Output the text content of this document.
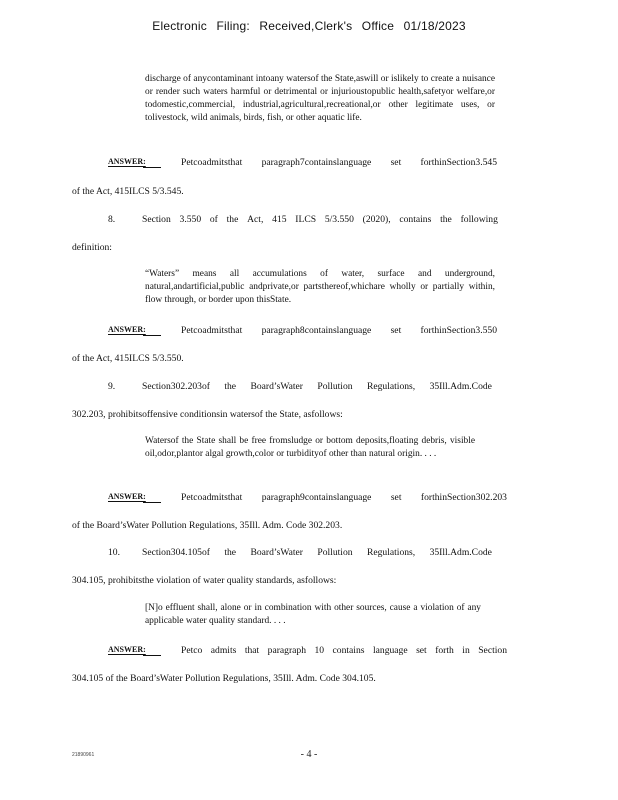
Electronic Filing: Received,Clerk's Office 01/18/2023
discharge of anycontaminant intoany watersof the State,aswill or islikely to create a nuisance or render such waters harmful or detrimental or injurioustopublic health,safetyor welfare,or todomestic,commercial, industrial,agricultural,recreational,or other legitimate uses, or tolivestock, wild animals, birds, fish, or other aquatic life.
ANSWER:	Petcoadmitsthat paragraph7containslanguage set forthinSection3.545
of the Act, 415ILCS 5/3.545.
8.	Section 3.550 of the Act, 415 ILCS 5/3.550 (2020), contains the following
definition:
“Waters” means all accumulations of water, surface and underground, natural,andartificial,public andprivate,or partsthereof,whichare wholly or partially within, flow through, or border upon thisState.
ANSWER:	Petcoadmitsthat paragraph8containslanguage set forthinSection3.550
of the Act, 415ILCS 5/3.550.
9.	Section302.203of the Board’sWater Pollution Regulations, 35Ill.Adm.Code
302.203, prohibitsoffensive conditionsin watersof the State, asfollows:
Watersof the State shall be free fromsludge or bottom deposits,floating debris, visible oil,odor,plantor algal growth,color or turbidityof other than natural origin. . . .
ANSWER:	Petcoadmitsthat paragraph9containslanguage set forthinSection302.203
of the Board’sWater Pollution Regulations, 35Ill. Adm. Code 302.203.
10. Section304.105of the Board’sWater Pollution Regulations, 35Ill.Adm.Code
304.105, prohibitsthe violation of water quality standards, asfollows:
[N]o effluent shall, alone or in combination with other sources, cause a violation of any applicable water quality standard. . . .
ANSWER:	Petco admits that paragraph 10 contains language set forth in Section
304.105 of the Board’sWater Pollution Regulations, 35Ill. Adm. Code 304.105.
21890961	- 4 -
